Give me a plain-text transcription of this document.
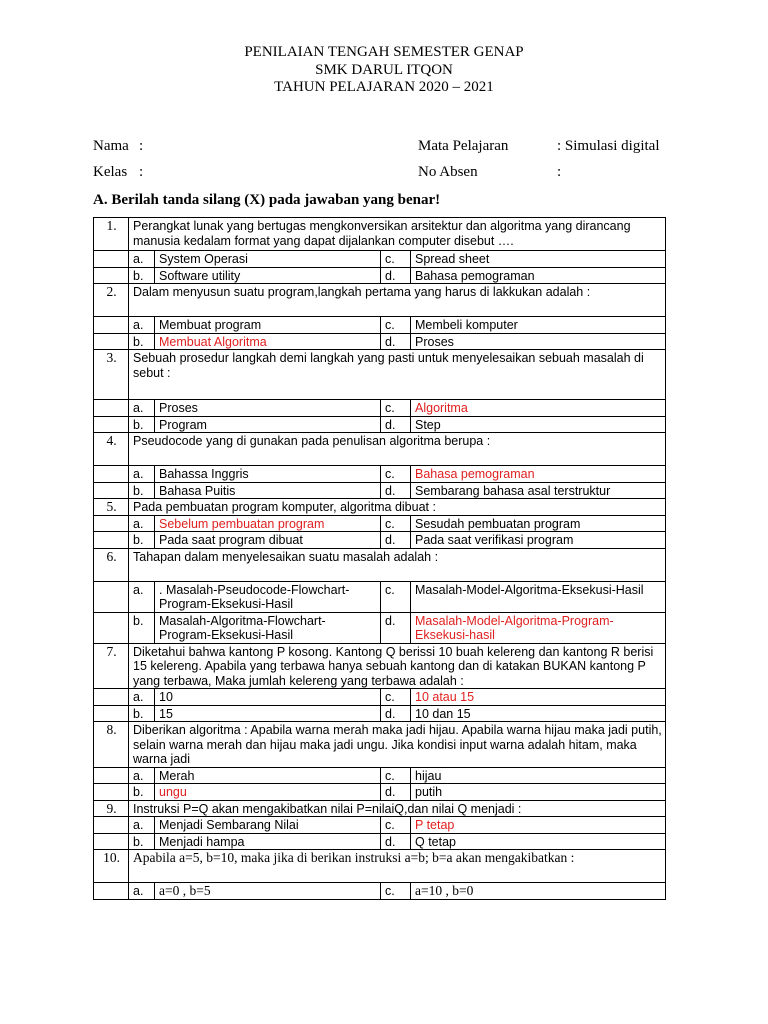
PENILAIAN TENGAH SEMESTER GENAP
SMK DARUL ITQON
TAHUN PELAJARAN 2020 – 2021
Nama :	Mata Pelajaran	: Simulasi digital
Kelas :	No Absen	:
A. Berilah tanda silang (X) pada jawaban yang benar!
1.	Perangkat lunak yang bertugas mengkonversikan arsitektur dan algoritma yang dirancang manusia kedalam format yang dapat dijalankan computer disebut ….			
	a.	System Operasi	c.	Spread sheet
	b.	Software utility	d.	Bahasa pemograman
2.	Dalam menyusun suatu program,langkah pertama yang harus di lakkukan adalah :			
	a.	Membuat program	c.	Membeli komputer
	b.	Membuat Algoritma	d.	Proses
3.	Sebuah prosedur langkah demi langkah yang pasti untuk menyelesaikan sebuah masalah di sebut :			
	a.	Proses	c.	Algoritma
	b.	Program	d.	Step
4.	Pseudocode yang di gunakan pada penulisan algoritma berupa :			
	a.	Bahassa Inggris	c.	Bahasa pemograman
	b.	Bahasa Puitis	d.	Sembarang bahasa asal terstruktur
5.	Pada pembuatan program komputer, algoritma dibuat :			
	a.	Sebelum pembuatan program	c.	Sesudah pembuatan program
	b.	Pada saat program dibuat	d.	Pada saat verifikasi program
6.	Tahapan dalam menyelesaikan suatu masalah adalah :			
	a.	. Masalah-Pseudocode-Flowchart-Program-Eksekusi-Hasil	c.	Masalah-Model-Algoritma-Eksekusi-Hasil
	b.	Masalah-Algoritma-Flowchart-Program-Eksekusi-Hasil	d.	Masalah-Model-Algoritma-Program-Eksekusi-hasil
7.	Diketahui bahwa kantong P kosong. Kantong Q berissi 10 buah kelereng dan kantong R berisi 15 kelereng. Apabila yang terbawa hanya sebuah kantong dan di katakan BUKAN kantong P yang terbawa, Maka jumlah kelereng yang terbawa adalah :			
	a.	10	c.	10 atau 15
	b.	15	d.	10 dan 15
8.	Diberikan algoritma : Apabila warna merah maka jadi hijau. Apabila warna hijau maka jadi putih, selain warna merah dan hijau maka jadi ungu. Jika kondisi input warna adalah hitam, maka warna jadi			
	a.	Merah	c.	hijau
	b.	ungu	d.	putih
9.	Instruksi P=Q akan mengakibatkan nilai P=nilaiQ,dan nilai Q menjadi :			
	a.	Menjadi Sembarang Nilai	c.	P tetap
	b.	Menjadi hampa	d.	Q tetap
10.	Apabila a=5, b=10, maka jika di berikan instruksi a=b; b=a akan mengakibatkan :			
	a.	a=0 , b=5	c.	a=10 , b=0
